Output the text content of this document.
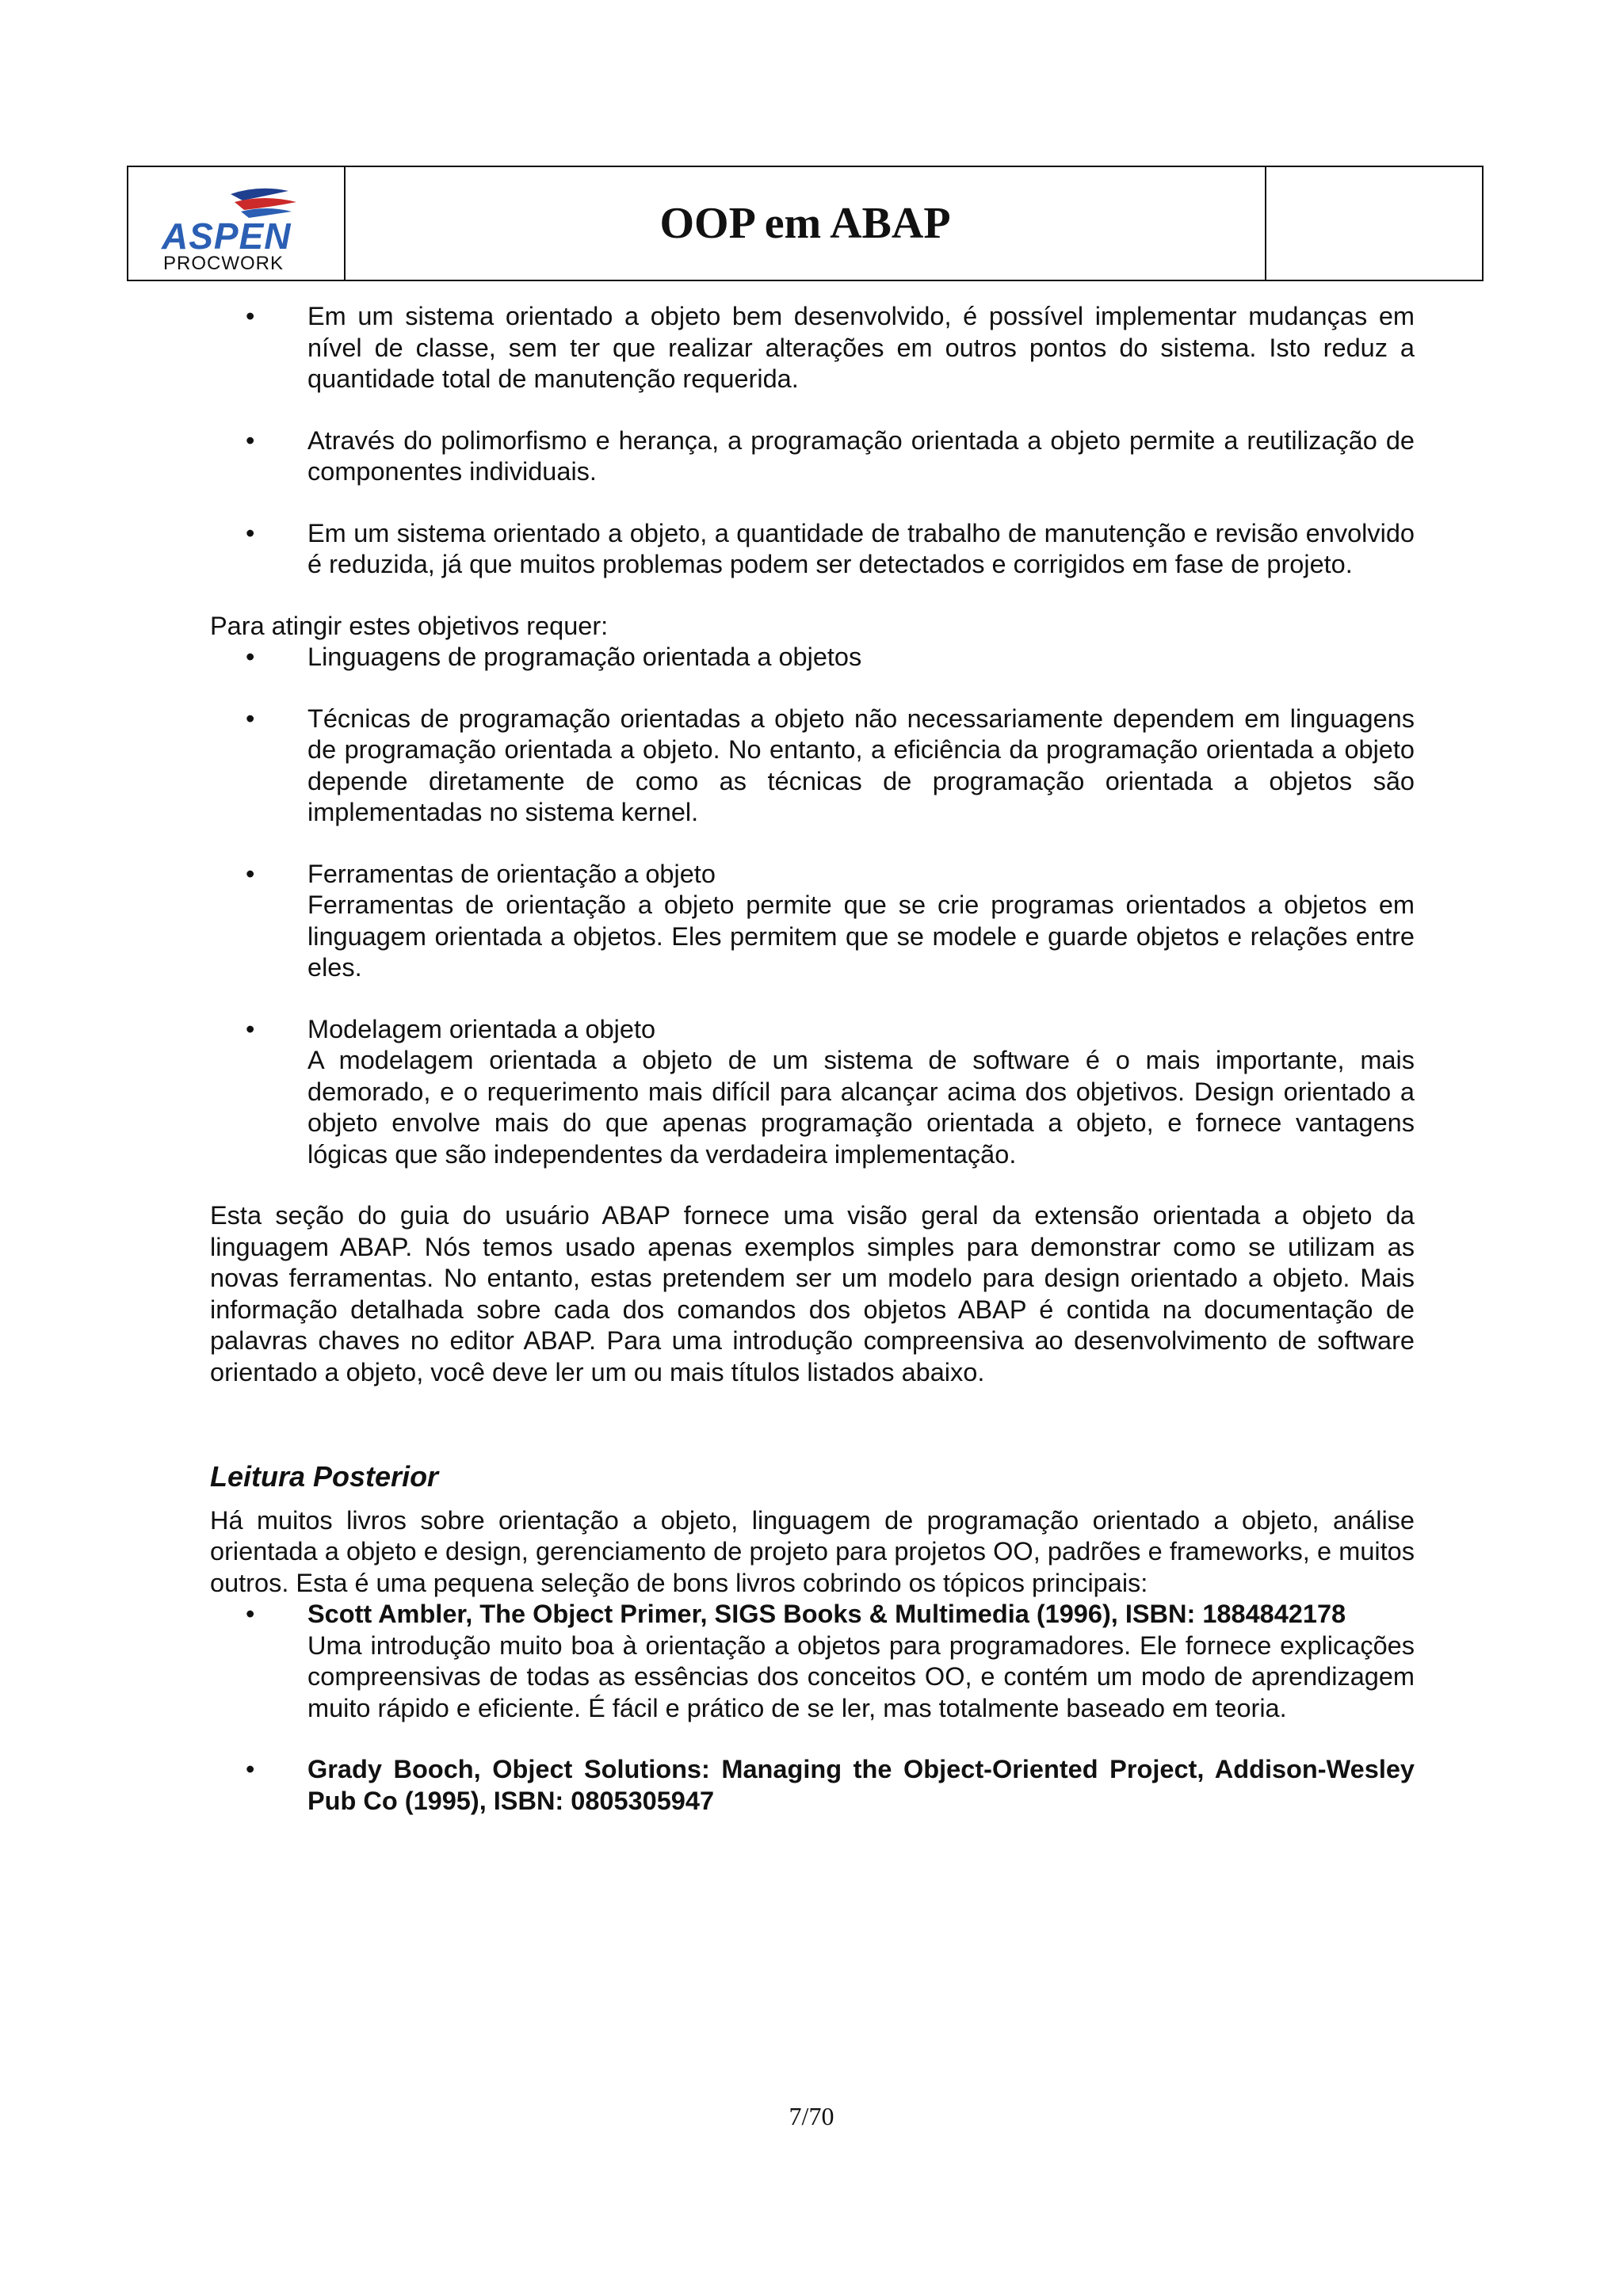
ASPEN
PROCWORK
OOP em ABAP
• Em um sistema orientado a objeto bem desenvolvido, é possível implementar mudanças em nível de classe, sem ter que realizar alterações em outros pontos do sistema. Isto reduz a quantidade total de manutenção requerida.
• Através do polimorfismo e herança, a programação orientada a objeto permite a reutilização de componentes individuais.
• Em um sistema orientado a objeto, a quantidade de trabalho de manutenção e revisão envolvido é reduzida, já que muitos problemas podem ser detectados e corrigidos em fase de projeto.

Para atingir estes objetivos requer:

• Linguagens de programação orientada a objetos
• Técnicas de programação orientadas a objeto não necessariamente dependem em linguagens de programação orientada a objeto. No entanto, a eficiência da programação orientada a objeto depende diretamente de como as técnicas de programação orientada a objetos são implementadas no sistema kernel.
• Ferramentas de orientação a objeto

Ferramentas de orientação a objeto permite que se crie programas orientados a objetos em linguagem orientada a objetos. Eles permitem que se modele e guarde objetos e relações entre eles.

• Modelagem orientada a objeto

A modelagem orientada a objeto de um sistema de software é o mais importante, mais demorado, e o requerimento mais difícil para alcançar acima dos objetivos. Design orientado a objeto envolve mais do que apenas programação orientada a objeto, e fornece vantagens lógicas que são independentes da verdadeira implementação.

Esta seção do guia do usuário ABAP fornece uma visão geral da extensão orientada a objeto da linguagem ABAP. Nós temos usado apenas exemplos simples para demonstrar como se utilizam as novas ferramentas. No entanto, estas pretendem ser um modelo para design orientado a objeto. Mais informação detalhada sobre cada dos comandos dos objetos ABAP é contida na documentação de palavras chaves no editor ABAP. Para uma introdução compreensiva ao desenvolvimento de software orientado a objeto, você deve ler um ou mais títulos listados abaixo.

Leitura Posterior

Há muitos livros sobre orientação a objeto, linguagem de programação orientado a objeto, análise orientada a objeto e design, gerenciamento de projeto para projetos OO, padrões e frameworks, e muitos outros. Esta é uma pequena seleção de bons livros cobrindo os tópicos principais:

• Scott Ambler, The Object Primer, SIGS Books & Multimedia (1996), ISBN: 1884842178

Uma introdução muito boa à orientação a objetos para programadores. Ele fornece explicações compreensivas de todas as essências dos conceitos OO, e contém um modo de aprendizagem muito rápido e eficiente. É fácil e prático de se ler, mas totalmente baseado em teoria.

• Grady Booch, Object Solutions: Managing the Object-Oriented Project, Addison-Wesley Pub Co (1995), ISBN: 0805305947
7/70
